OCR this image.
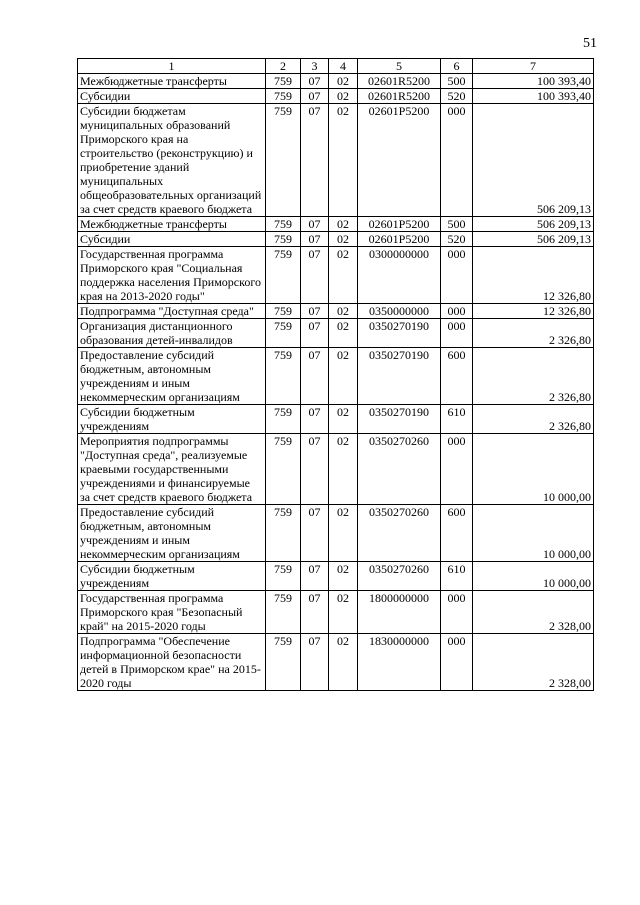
51
1	2	3	4	5	6	7
Межбюджетные трансферты	759	07	02	02601R5200	500	100 393,40
Субсидии	759	07	02	02601R5200	520	100 393,40
Субсидии бюджетам муниципальных образований Приморского края на строительство (реконструкцию) и приобретение зданий муниципальных общеобразовательных организаций за счет средств краевого бюджета	759	07	02	02601P5200	000	506 209,13
Межбюджетные трансферты	759	07	02	02601P5200	500	506 209,13
Субсидии	759	07	02	02601P5200	520	506 209,13
Государственная программа Приморского края "Социальная поддержка населения Приморского края на 2013-2020 годы"	759	07	02	0300000000	000	12 326,80
Подпрограмма "Доступная среда"	759	07	02	0350000000	000	12 326,80
Организация дистанционного образования детей-инвалидов	759	07	02	0350270190	000	2 326,80
Предоставление субсидий бюджетным, автономным учреждениям и иным некоммерческим организациям	759	07	02	0350270190	600	2 326,80
Субсидии бюджетным учреждениям	759	07	02	0350270190	610	2 326,80
Мероприятия подпрограммы "Доступная среда", реализуемые краевыми государственными учреждениями и финансируемые за счет средств краевого бюджета	759	07	02	0350270260	000	10 000,00
Предоставление субсидий бюджетным, автономным учреждениям и иным некоммерческим организациям	759	07	02	0350270260	600	10 000,00
Субсидии бюджетным учреждениям	759	07	02	0350270260	610	10 000,00
Государственная программа Приморского края "Безопасный край" на 2015-2020 годы	759	07	02	1800000000	000	2 328,00
Подпрограмма "Обеспечение информационной безопасности детей в Приморском крае" на 2015-2020 годы	759	07	02	1830000000	000	2 328,00
